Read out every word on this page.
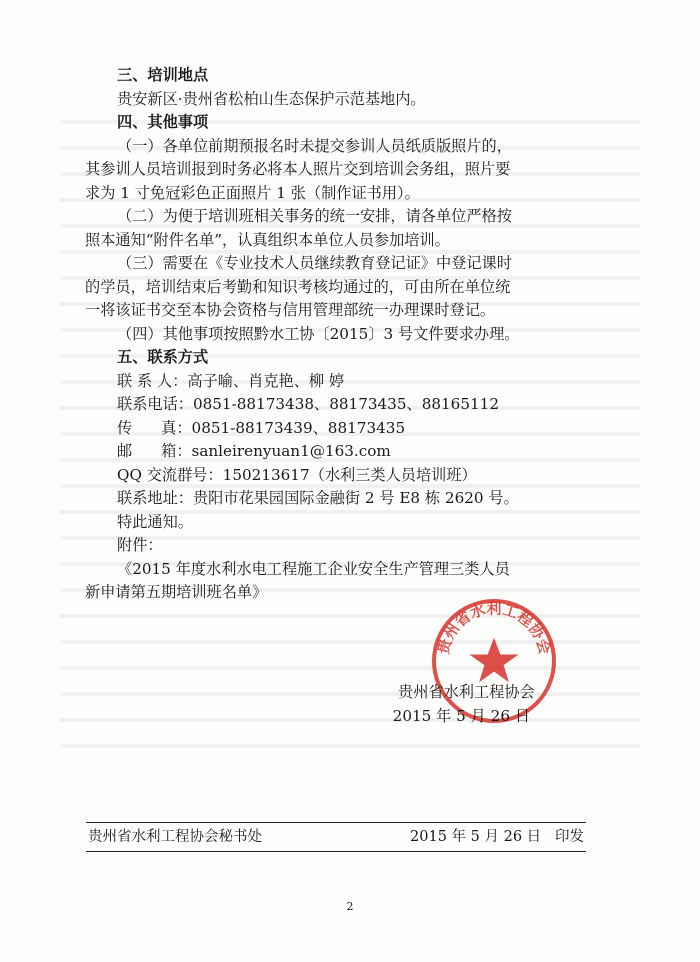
三、培训地点
贵安新区·贵州省松柏山生态保护示范基地内。
四、其他事项
（一）各单位前期预报名时未提交参训人员纸质版照片的，
其参训人员培训报到时务必将本人照片交到培训会务组，照片要
求为 1 寸免冠彩色正面照片 1 张（制作证书用）。
（二）为便于培训班相关事务的统一安排，请各单位严格按
照本通知“附件名单”，认真组织本单位人员参加培训。
（三）需要在《专业技术人员继续教育登记证》中登记课时
的学员，培训结束后考勤和知识考核均通过的，可由所在单位统
一将该证书交至本协会资格与信用管理部统一办理课时登记。
（四）其他事项按照黔水工协〔2015〕3 号文件要求办理。
五、联系方式
联 系 人： 高子喻、肖克艳、柳 婷
联系电话： 0851-88173438、88173435、88165112
传      真： 0851-88173439、88173435
邮      箱： sanleirenyuan1@163.com
QQ 交流群号： 150213617（水利三类人员培训班）
联系地址： 贵阳市花果园国际金融街 2 号 E8 栋 2620 号。
特此通知。
附件：
《2015 年度水利水电工程施工企业安全生产管理三类人员
新申请第五期培训班名单》
贵州省水利工程协会
贵州省水利工程协会
2015 年 5 月 26 日
贵州省水利工程协会秘书处	2015 年 5 月 26 日   印发
2
